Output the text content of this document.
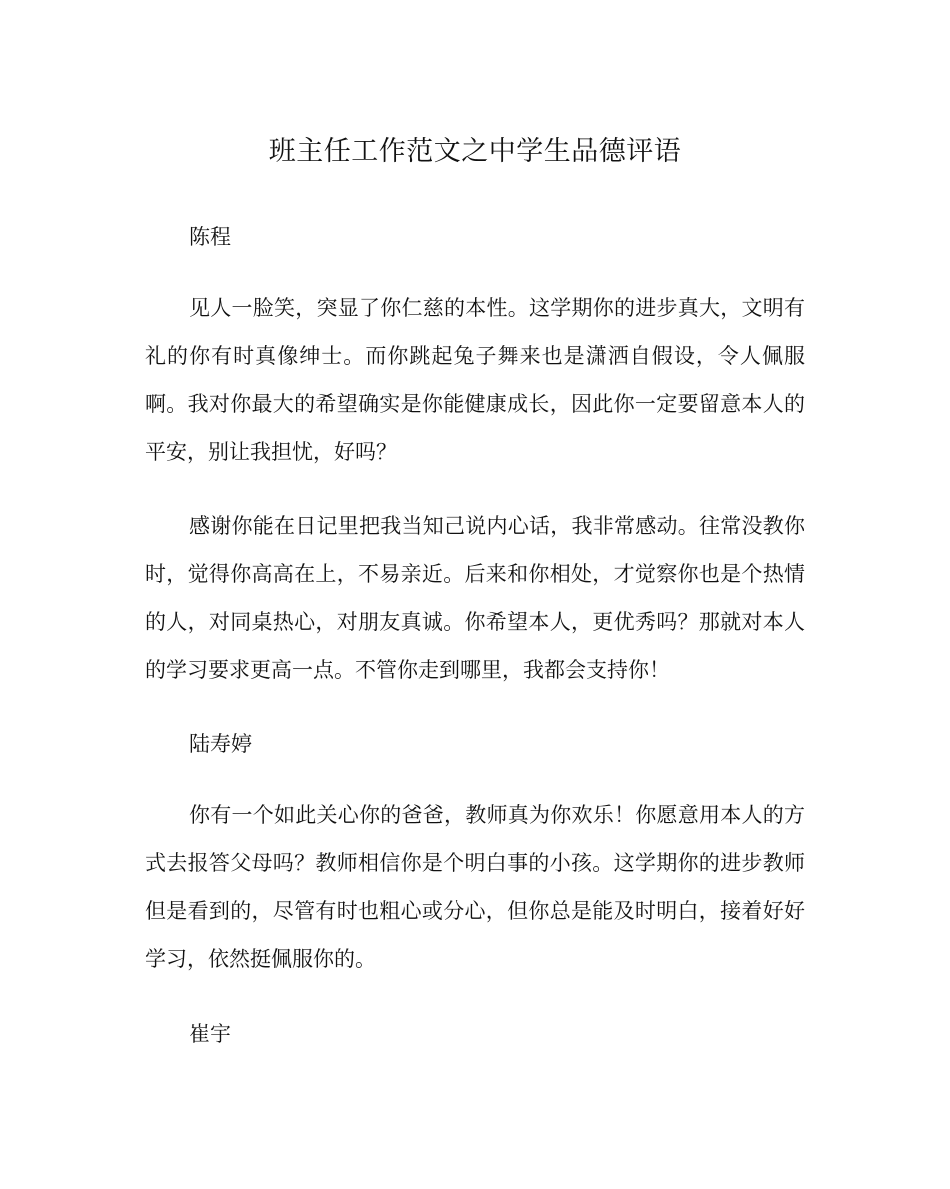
班主任工作范文之中学生品德评语

陈程

见人一脸笑，突显了你仁慈的本性。这学期你的进步真大，文明有礼的你有时真像绅士。而你跳起兔子舞来也是潇洒自假设，令人佩服啊。我对你最大的希望确实是你能健康成长，因此你一定要留意本人的平安，别让我担忧，好吗？

感谢你能在日记里把我当知己说内心话，我非常感动。往常没教你时，觉得你高高在上，不易亲近。后来和你相处，才觉察你也是个热情的人，对同桌热心，对朋友真诚。你希望本人，更优秀吗？那就对本人的学习要求更高一点。不管你走到哪里，我都会支持你！

陆寿婷

你有一个如此关心你的爸爸，教师真为你欢乐！你愿意用本人的方式去报答父母吗？教师相信你是个明白事的小孩。这学期你的进步教师但是看到的，尽管有时也粗心或分心，但你总是能及时明白，接着好好学习，依然挺佩服你的。

崔宇
